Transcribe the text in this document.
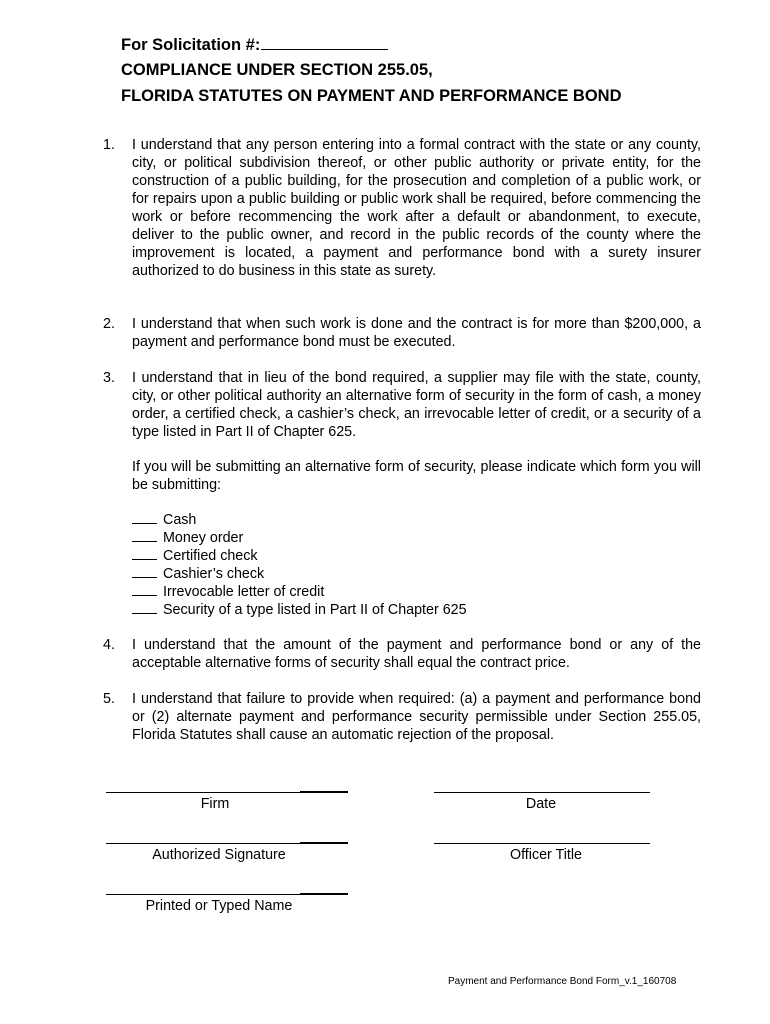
For Solicitation #:
COMPLIANCE UNDER SECTION 255.05,
FLORIDA STATUTES ON PAYMENT AND PERFORMANCE BOND
1. I understand that any person entering into a formal contract with the state or any county, city, or political subdivision thereof, or other public authority or private entity, for the construction of a public building, for the prosecution and completion of a public work, or for repairs upon a public building or public work shall be required, before commencing the work or before recommencing the work after a default or abandonment, to execute, deliver to the public owner, and record in the public records of the county where the improvement is located, a payment and performance bond with a surety insurer authorized to do business in this state as surety.
2. I understand that when such work is done and the contract is for more than $200,000, a payment and performance bond must be executed.
3. I understand that in lieu of the bond required, a supplier may file with the state, county, city, or other political authority an alternative form of security in the form of cash, a money order, a certified check, a cashier’s check, an irrevocable letter of credit, or a security of a type listed in Part II of Chapter 625.
If you will be submitting an alternative form of security, please indicate which form you will be submitting:
Cash
Money order
Certified check
Cashier’s check
Irrevocable letter of credit
Security of a type listed in Part II of Chapter 625
4. I understand that the amount of the payment and performance bond or any of the acceptable alternative forms of security shall equal the contract price.
5. I understand that failure to provide when required: (a) a payment and performance bond or (2) alternate payment and performance security permissible under Section 255.05, Florida Statutes shall cause an automatic rejection of the proposal.
Firm	Date
Authorized Signature	Officer Title
Printed or Typed Name
Payment and Performance Bond Form_v.1_160708
